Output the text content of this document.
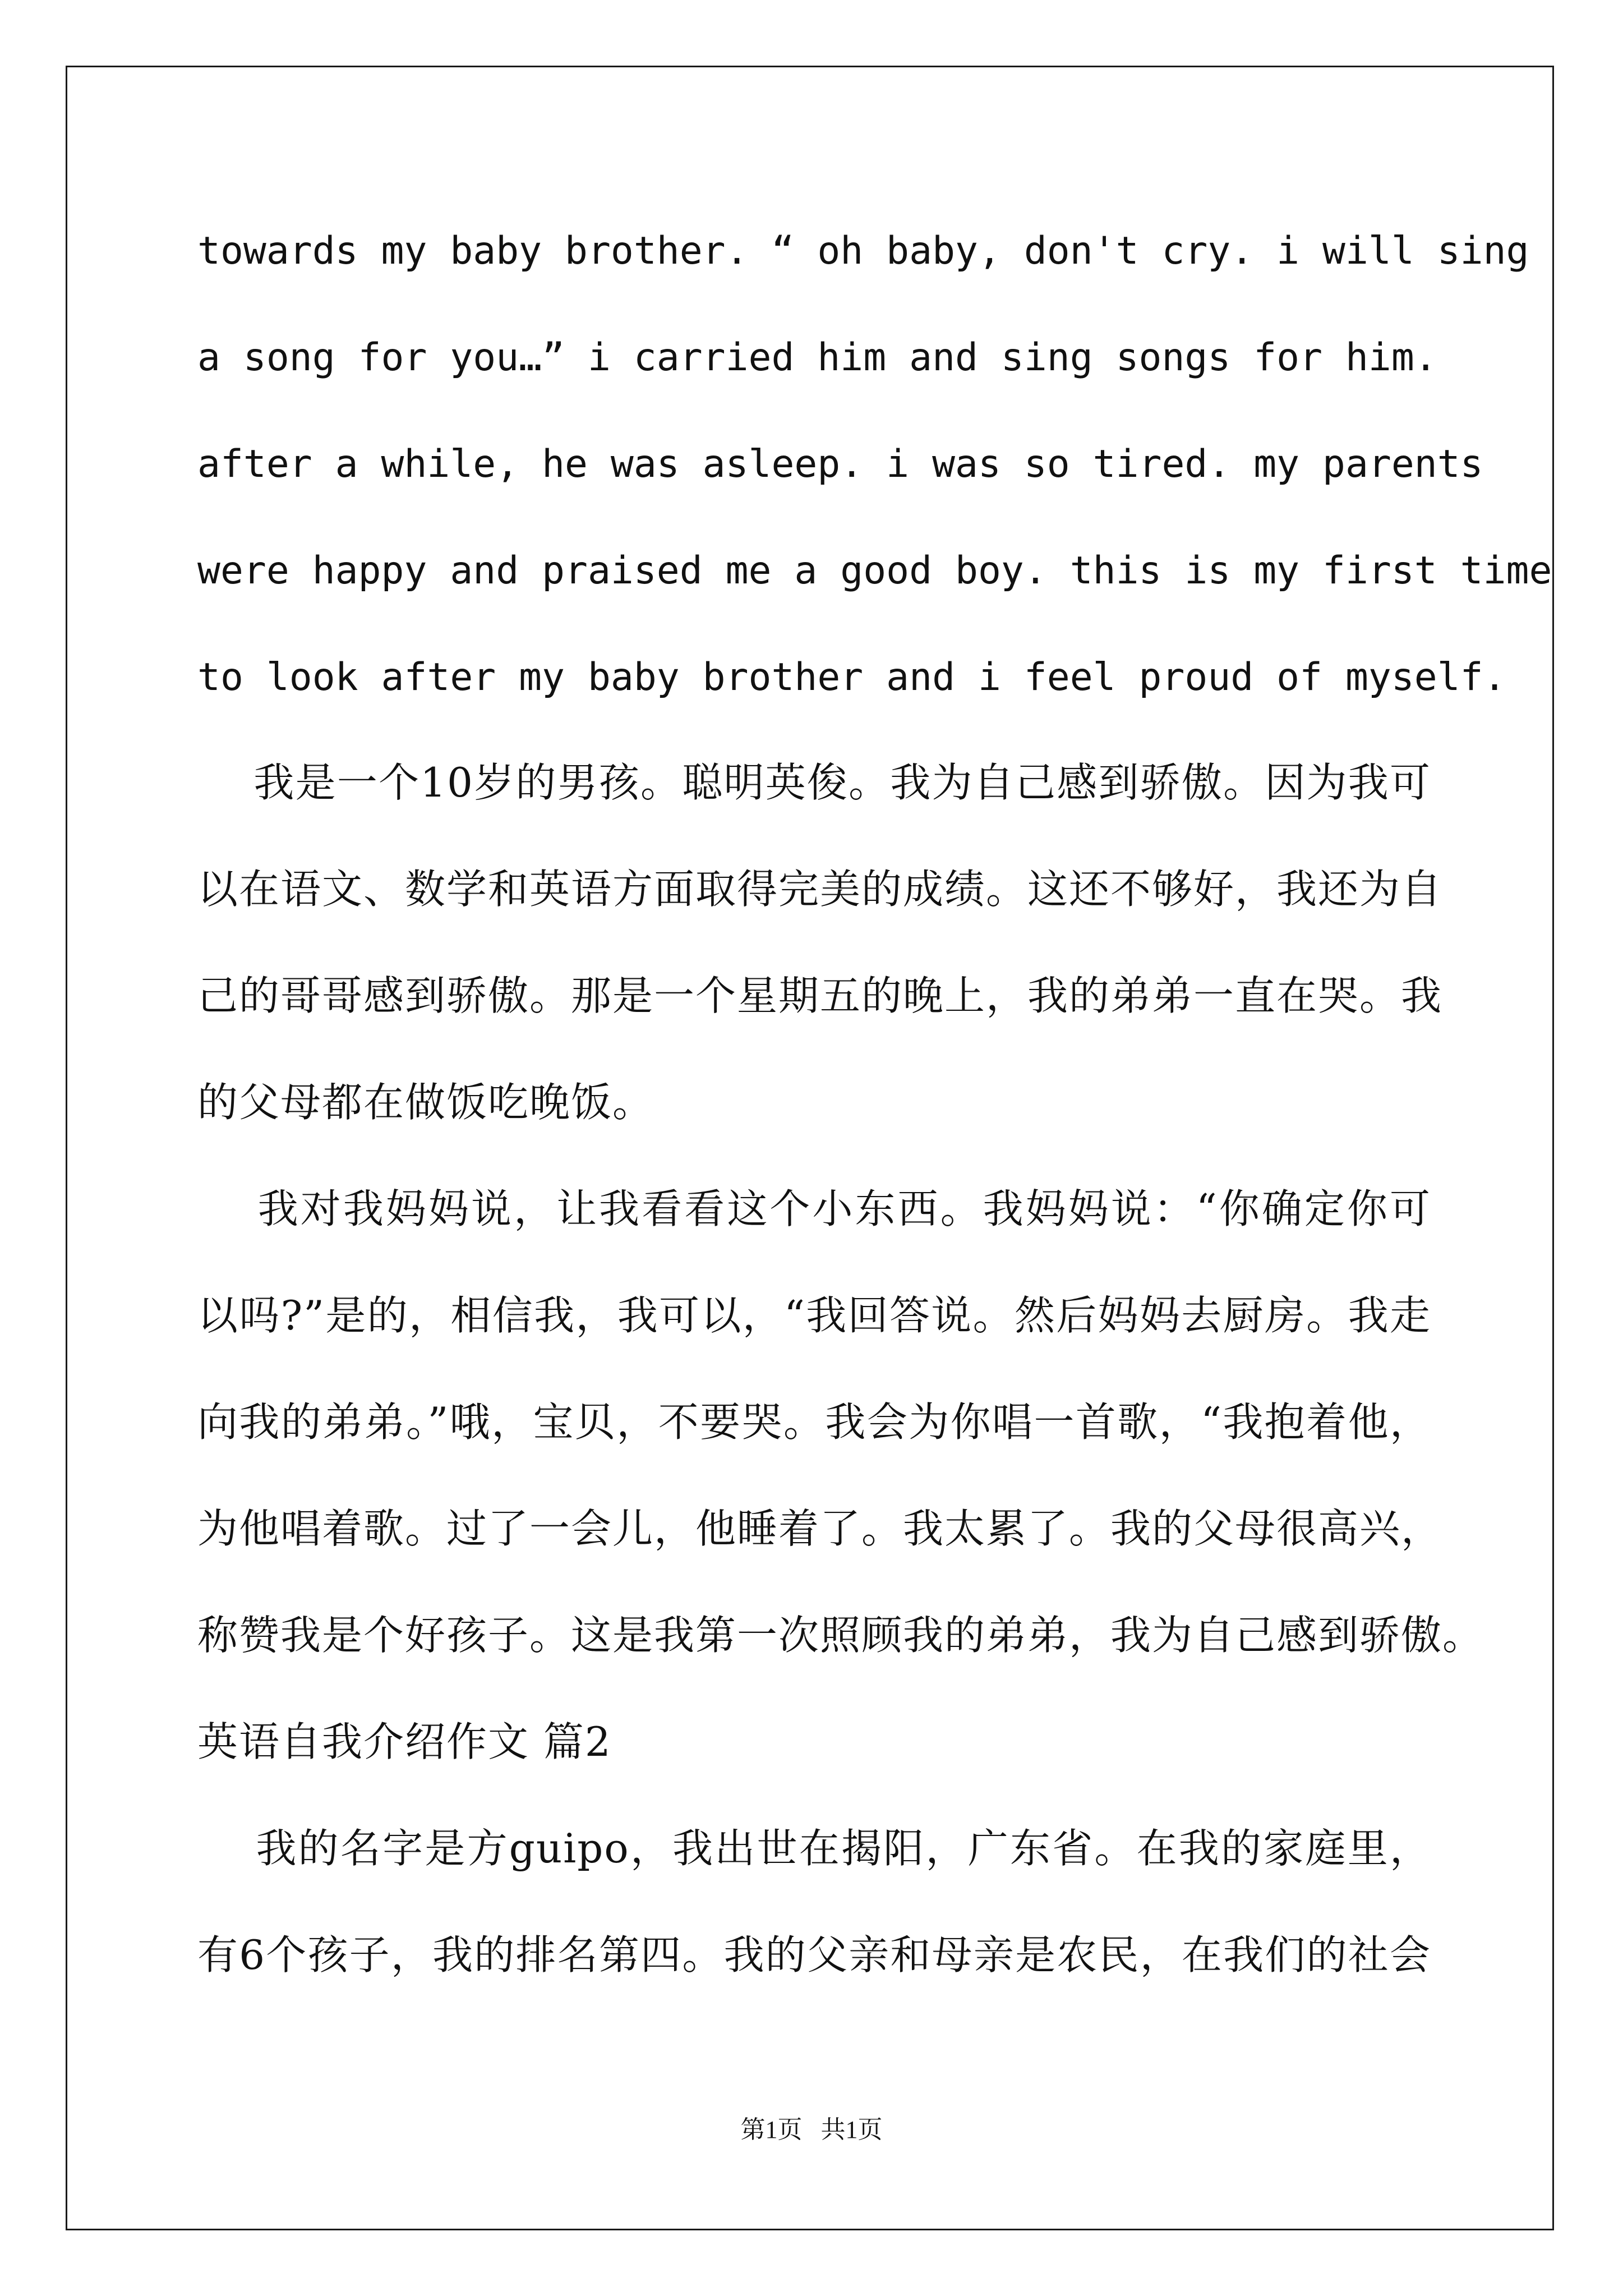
towards my baby brother. “ oh baby, don't cry. i will sing
a song for you…” i carried him and sing songs for him.
after a while, he was asleep. i was so tired. my parents
were happy and praised me a good boy. this is my first time
to look after my baby brother and i feel proud of myself.
我是一个10岁的男孩。聪明英俊。我为自己感到骄傲。因为我可
以在语文、数学和英语方面取得完美的成绩。这还不够好，我还为自
己的哥哥感到骄傲。那是一个星期五的晚上，我的弟弟一直在哭。我
的父母都在做饭吃晚饭。
我对我妈妈说，让我看看这个小东西。我妈妈说：“你确定你可
以吗?”是的，相信我，我可以，“我回答说。然后妈妈去厨房。我走
向我的弟弟。”哦，宝贝，不要哭。我会为你唱一首歌，“我抱着他，
为他唱着歌。过了一会儿，他睡着了。我太累了。我的父母很高兴，
称赞我是个好孩子。这是我第一次照顾我的弟弟，我为自己感到骄傲。
英语自我介绍作文 篇2
我的名字是方guipo，我出世在揭阳，广东省。在我的家庭里，
有6个孩子，我的排名第四。我的父亲和母亲是农民，在我们的社会
第1页   共1页
